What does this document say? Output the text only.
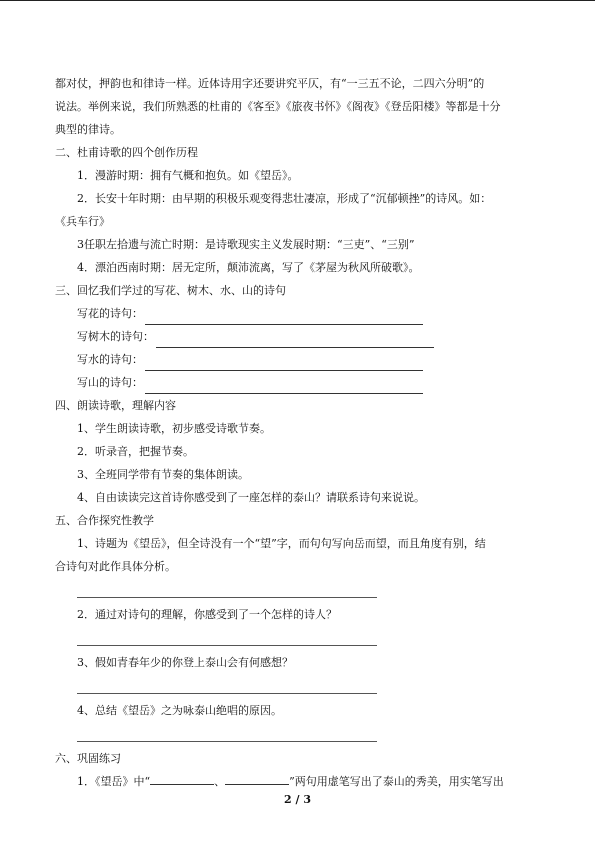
都对仗，押韵也和律诗一样。近体诗用字还要讲究平仄，有“一三五不论，二四六分明”的
说法。举例来说，我们所熟悉的杜甫的《客至》《旅夜书怀》《阁夜》《登岳阳楼》等都是十分
典型的律诗。
二、杜甫诗歌的四个创作历程
1．漫游时期：拥有气概和抱负。如《望岳》。
2．长安十年时期：由早期的积极乐观变得悲壮凄凉，形成了“沉郁顿挫”的诗风。如：
《兵车行》
3任职左拾遗与流亡时期：是诗歌现实主义发展时期：“三吏”、“三别”
4．漂泊西南时期：居无定所，颠沛流离，写了《茅屋为秋风所破歌》。
三、回忆我们学过的写花、树木、水、山的诗句
写花的诗句：
写树木的诗句：
写水的诗句：
写山的诗句：
四、朗读诗歌，理解内容
1、学生朗读诗歌，初步感受诗歌节奏。
2．听录音，把握节奏。
3、全班同学带有节奏的集体朗读。
4、自由读读完这首诗你感受到了一座怎样的泰山？请联系诗句来说说。
五、合作探究性教学
1、诗题为《望岳》，但全诗没有一个“望”字，而句句写向岳而望，而且角度有别，结
合诗句对此作具体分析。
2．通过对诗句的理解，你感受到了一个怎样的诗人？
3、假如青春年少的你登上泰山会有何感想？
4、总结《望岳》之为咏泰山绝唱的原因。
六、巩固练习
1．《望岳》中“	、	”两句用虚笔写出了泰山的秀美，用实笔写出
2 / 3
